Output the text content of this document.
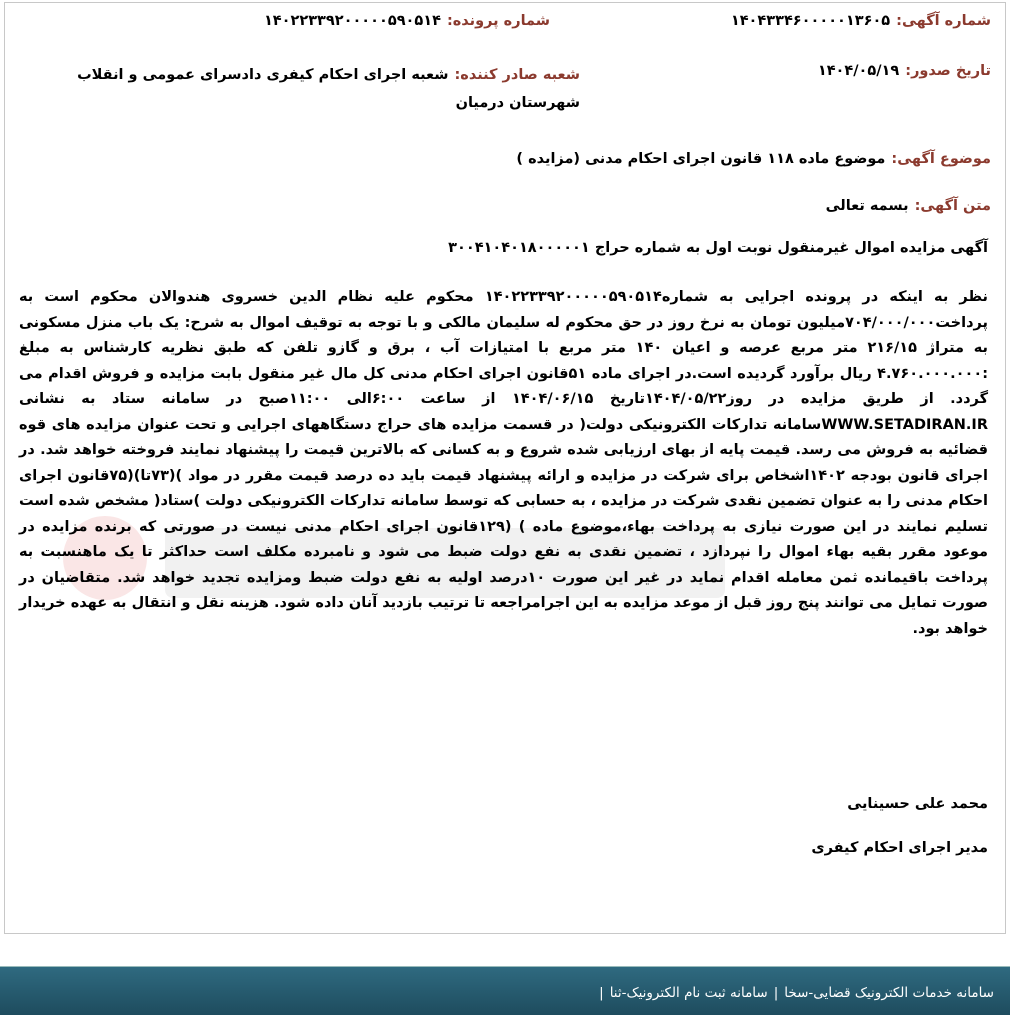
شماره آگهی:۱۴۰۴۳۳۴۶۰۰۰۰۰۱۳۶۰۵
شماره پرونده:۱۴۰۲۲۳۳۹۲۰۰۰۰۰۵۹۰۵۱۴
تاریخ صدور:۱۴۰۴/۰۵/۱۹
شعبه صادر کننده:شعبه اجرای احکام کیفری دادسرای عمومی و انقلاب شهرستان درمیان
موضوع آگهی:موضوع ماده ۱۱۸ قانون اجرای احکام مدنی (مزایده )
متن آگهی:بسمه تعالی
آگهی مزایده اموال غیرمنقول نوبت اول به شماره حراج ۳۰۰۴۱۰۴۰۱۸۰۰۰۰۰۱
نظر به اینکه در پرونده اجرایی به شماره۱۴۰۲۲۳۳۹۲۰۰۰۰۰۵۹۰۵۱۴ محکوم علیه نظام الدین خسروی هندوالان محکوم است به پرداخت۷۰۴/۰۰۰/۰۰۰میلیون تومان به نرخ روز در حق محکوم له سلیمان مالکی و با توجه به توقیف اموال به شرح: یک باب منزل مسکونی به متراژ ۲۱۶/۱۵ متر مربع عرصه و اعیان ۱۴۰ متر مربع با امتیازات آب ، برق و گازو تلفن که طبق نظریه کارشناس به مبلغ :۴.۷۶۰.۰۰۰.۰۰۰ ریال برآورد گردیده است.در اجرای ماده ۵۱قانون اجرای احکام مدنی کل مال غیر منقول بابت مزایده و فروش اقدام می گردد. از طریق مزایده در روز۱۴۰۴/۰۵/۲۲تاریخ ۱۴۰۴/۰۶/۱۵ از ساعت ۶:۰۰الی ۱۱:۰۰صبح در سامانه ستاد به نشانی WWW.SETADIRAN.IRسامانه تدارکات الکترونیکی دولت( در قسمت مزایده های حراج دستگاههای اجرایی و تحت عنوان مزایده های قوه قضائیه به فروش می رسد. قیمت پایه از بهای ارزیابی شده شروع و به کسانی که بالاترین قیمت را پیشنهاد نمایند فروخته خواهد شد. در اجرای قانون بودجه ۱۴۰۲اشخاص برای شرکت در مزایده و ارائه پیشنهاد قیمت باید ده درصد قیمت مقرر در مواد )(۷۳تا)(۷۵قانون اجرای احکام مدنی را به عنوان تضمین نقدی شرکت در مزایده ، به حسابی که توسط سامانه تدارکات الکترونیکی دولت )ستاد( مشخص شده است تسلیم نمایند در این صورت نیازی به پرداخت بهاء،موضوع ماده ) (۱۲۹قانون اجرای احکام مدنی نیست در صورتی که برنده مزایده در موعود مقرر بقیه بهاء اموال را نپردازد ، تضمین نقدی به نفع دولت ضبط می شود و نامبرده مکلف است حداکثر تا یک ماهنسبت به پرداخت باقیمانده ثمن معامله اقدام نماید در غیر این صورت ۱۰درصد اولیه به نفع دولت ضبط ومزایده تجدید خواهد شد. متقاضیان در صورت تمایل می توانند پنج روز قبل از موعد مزایده به این اجرامراجعه تا ترتیب بازدید آنان داده شود. هزینه نقل و انتقال به عهده خریدار خواهد بود.
محمد علی حسینایی
مدیر اجرای احکام کیفری
سامانه خدمات الکترونیک قضایی-سخا|سامانه ثبت نام الکترونیک-ثنا|
